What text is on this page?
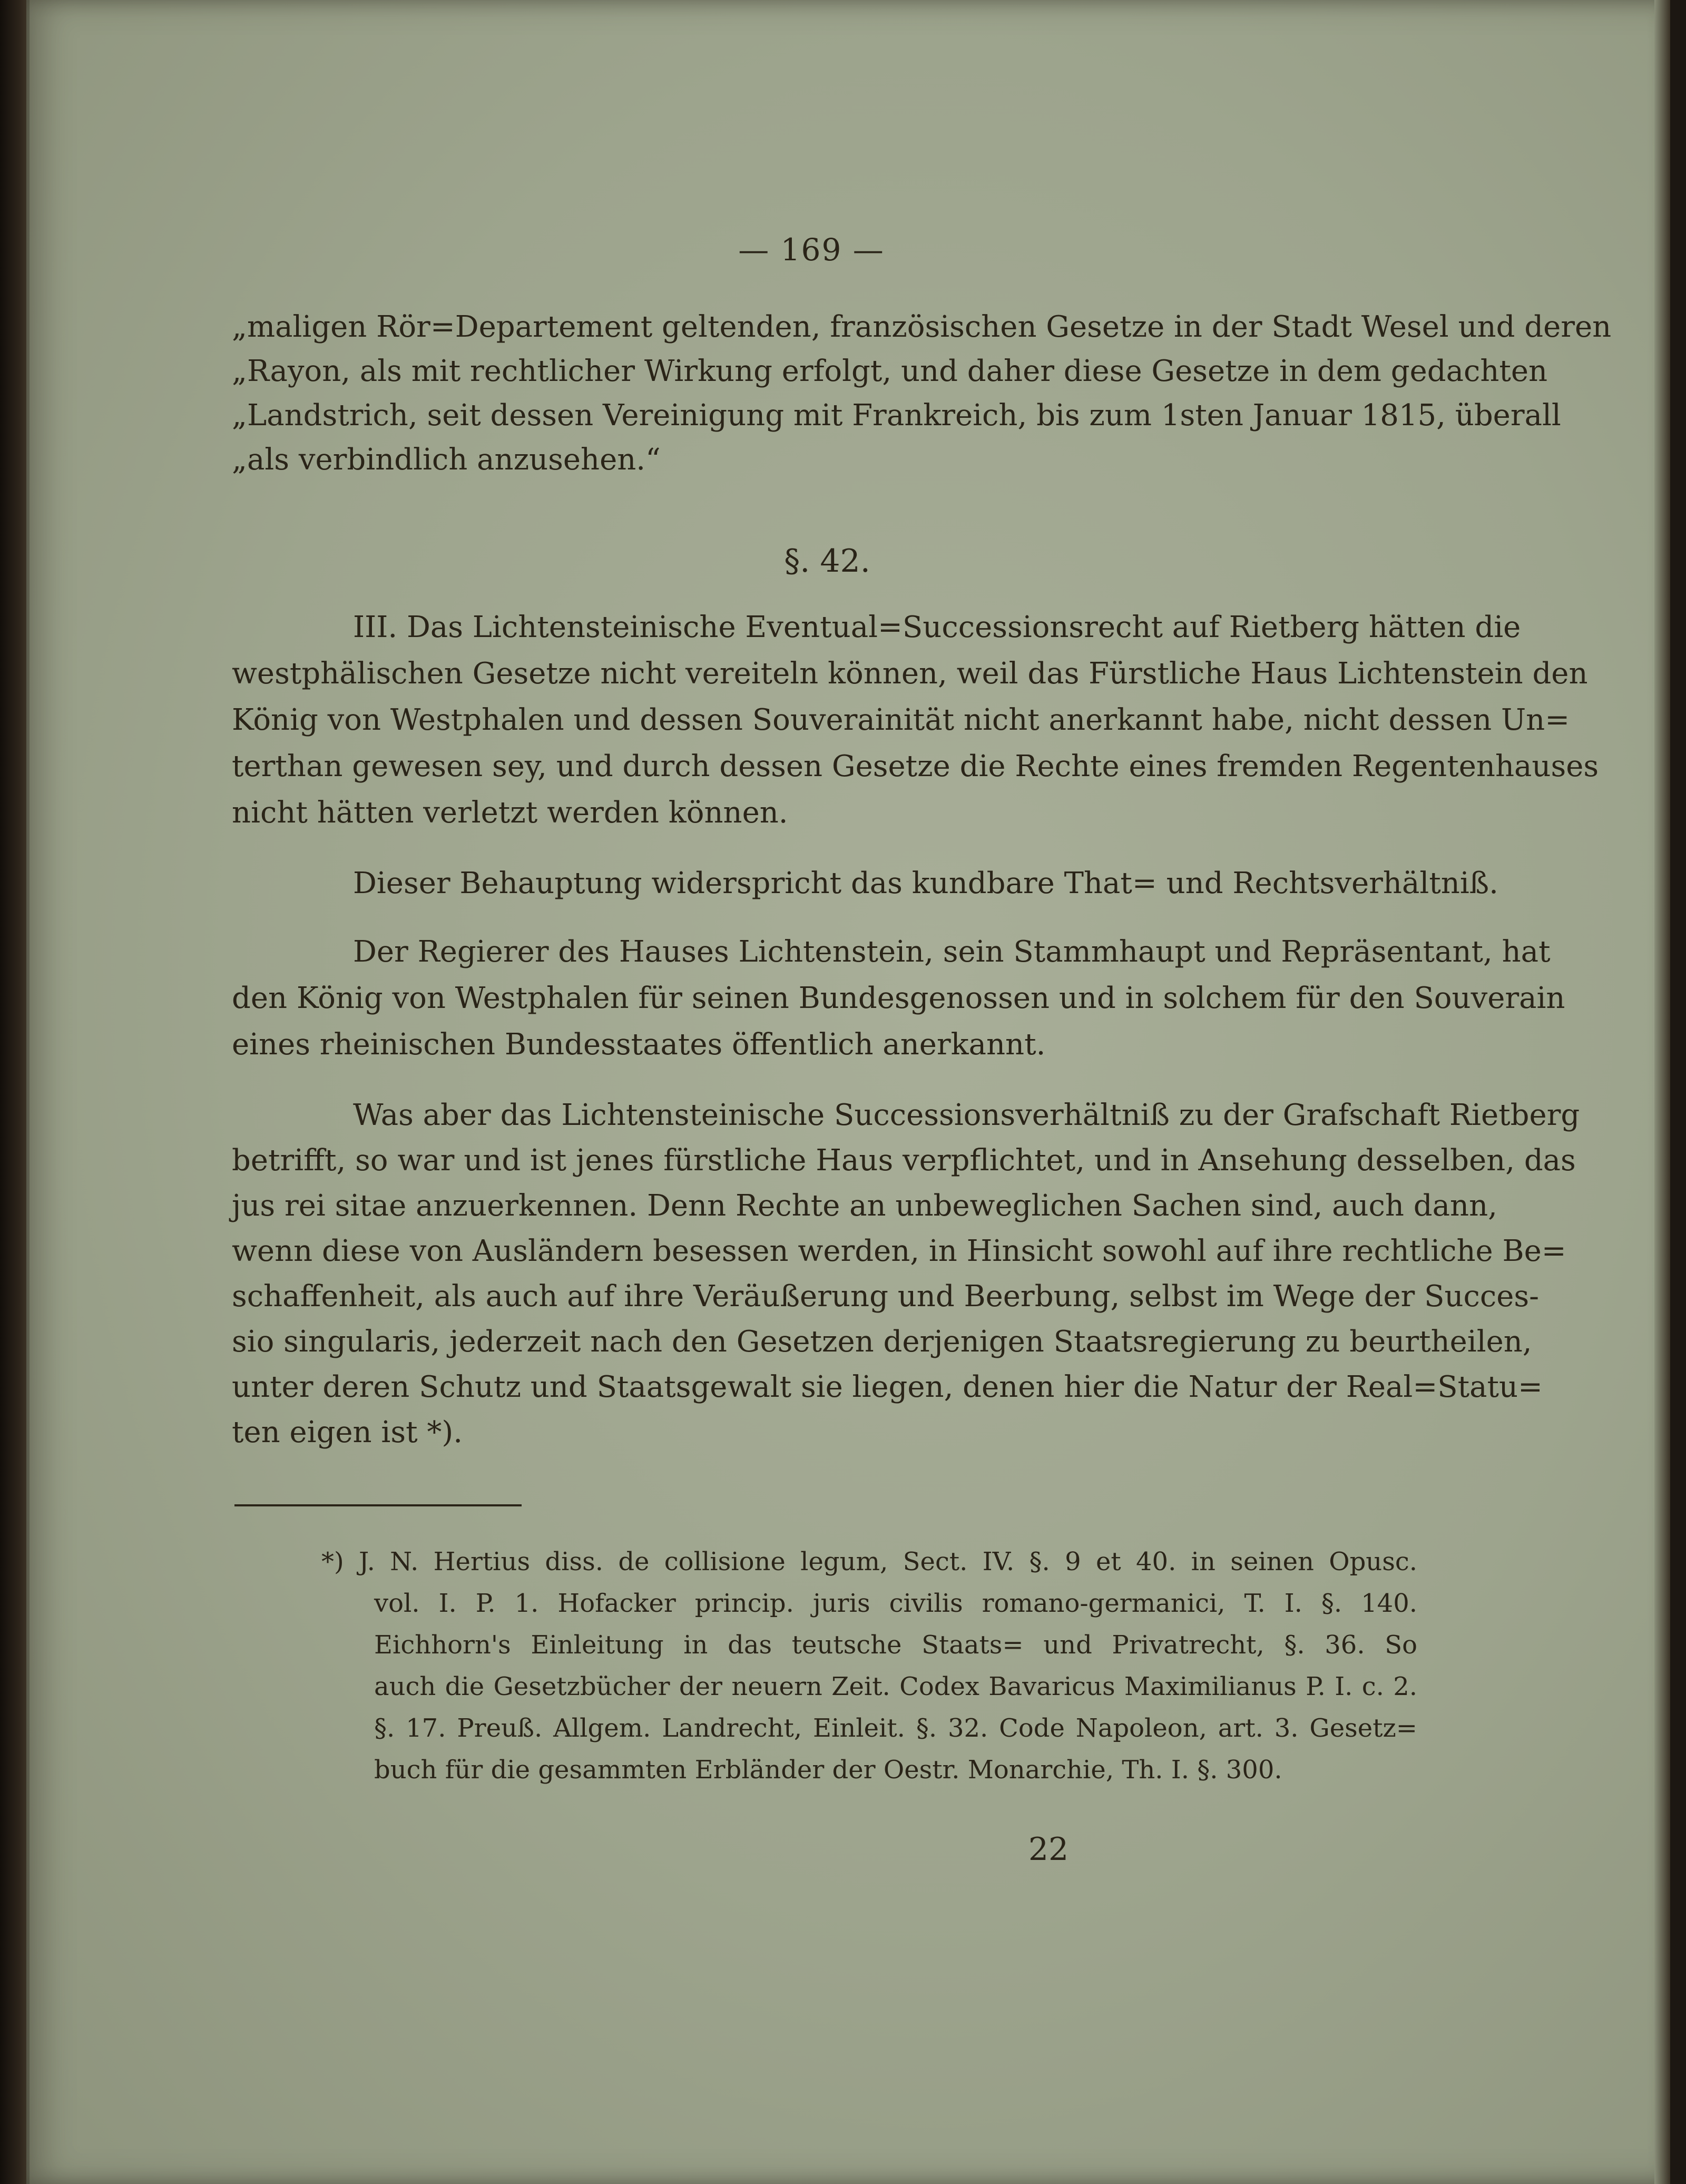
— 169 —
„maligen Rör=Departement geltenden, französischen Gesetze in der Stadt Wesel und deren
„Rayon, als mit rechtlicher Wirkung erfolgt, und daher diese Gesetze in dem gedachten
„Landstrich, seit dessen Vereinigung mit Frankreich, bis zum 1sten Januar 1815, überall
„als verbindlich anzusehen.“
§. 42.
III. Das Lichtensteinische Eventual=Successionsrecht auf Rietberg hätten die
westphälischen Gesetze nicht vereiteln können, weil das Fürstliche Haus Lichtenstein den
König von Westphalen und dessen Souverainität nicht anerkannt habe, nicht dessen Un=
terthan gewesen sey, und durch dessen Gesetze die Rechte eines fremden Regentenhauses
nicht hätten verletzt werden können.
Dieser Behauptung widerspricht das kundbare That= und Rechtsverhältniß.
Der Regierer des Hauses Lichtenstein, sein Stammhaupt und Repräsentant, hat
den König von Westphalen für seinen Bundesgenossen und in solchem für den Souverain
eines rheinischen Bundesstaates öffentlich anerkannt.
Was aber das Lichtensteinische Successionsverhältniß zu der Grafschaft Rietberg
betrifft, so war und ist jenes fürstliche Haus verpflichtet, und in Ansehung desselben, das
jus rei sitae anzuerkennen. Denn Rechte an unbeweglichen Sachen sind, auch dann,
wenn diese von Ausländern besessen werden, in Hinsicht sowohl auf ihre rechtliche Be=
schaffenheit, als auch auf ihre Veräußerung und Beerbung, selbst im Wege der Succes-
sio singularis, jederzeit nach den Gesetzen derjenigen Staatsregierung zu beurtheilen,
unter deren Schutz und Staatsgewalt sie liegen, denen hier die Natur der Real=Statu=
ten eigen ist *).
*) J. N. Hertius diss. de collisione legum, Sect. IV. §. 9 et 40. in seinen Opusc.
vol. I. P. 1. Hofacker princip. juris civilis romano-germanici, T. I. §. 140.
Eichhorn's Einleitung in das teutsche Staats= und Privatrecht, §. 36. So
auch die Gesetzbücher der neuern Zeit. Codex Bavaricus Maximilianus P. I. c. 2.
§. 17. Preuß. Allgem. Landrecht, Einleit. §. 32. Code Napoleon, art. 3. Gesetz=
buch für die gesammten Erbländer der Oestr. Monarchie, Th. I. §. 300.
22
